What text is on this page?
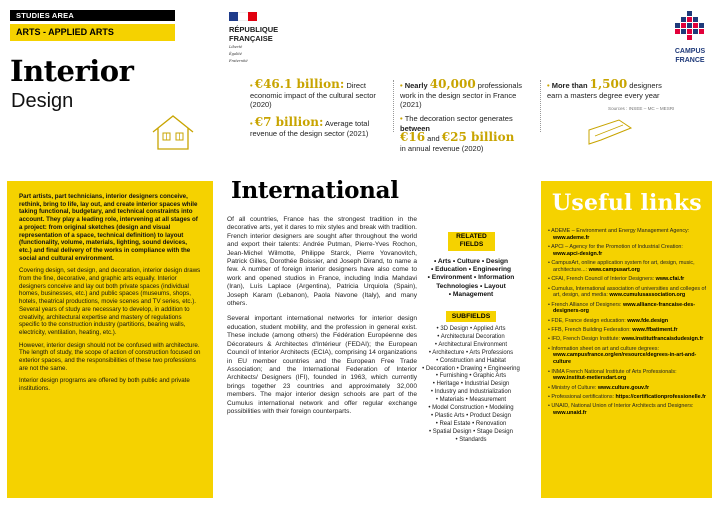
STUDIES AREA
ARTS - APPLIED ARTS
Interior
Design
RÉPUBLIQUE
FRANÇAISE
Liberté
Égalité
Fraternité
CAMPUS
FRANCE
• €46.1 billion: Direct
economic impact of the cultural sector (2020)
• €7 billion: Average total
revenue of the design sector (2021)
• Nearly 40,000 professionals
work in the design sector in France (2021)
• The decoration sector generates between
€16 and €25 billion
in annual revenue (2020)
• More than 1,500 designers
earn a masters degree every year
Sources : INSEE – MC – MESRI

Part artists, part technicians, interior designers conceive, rethink, bring to life, lay out, and create interior spaces while taking functional, budgetary, and technical constraints into account. They play a leading role, intervening at all stages of a project: from original sketches (design and visual representation of a space, technical definition) to layout (functionality, volume, materials, lighting, sound devices, etc.) and final delivery of the works in compliance with the social and cultural environment.

Covering design, set design, and decoration, interior design draws from the fine, decorative, and graphic arts equally. Interior designers conceive and lay out both private spaces (individual homes, businesses, etc.) and public spaces (museums, shops, hotels, theatrical productions, movie scenes and TV series, etc.). Several years of study are necessary to develop, in addition to creativity, architectural expertise and mastery of regulations specific to the construction industry (partitions, bearing walls, electricity, ventilation, heating, etc.).

However, interior design should not be confused with architecture. The length of study, the scope of action of construction focused on exterior spaces, and the responsibilities of these two professions are not the same.

Interior design programs are offered by both public and private institutions.

International

Of all countries, France has the strongest tradition in the decorative arts, yet it dares to mix styles and break with tradition. French interior designers are sought after throughout the world and export their talents: Andrée Putman, Pierre-Yves Rochon, Jean-Michel Wilmotte, Philippe Starck, Pierre Yovanovitch, Patrick Gilles, Dorothée Boissier, and Joseph Dirand, to name a few. A number of foreign interior designers have also come to work and opened studios in France, including India Mahdavi (Iran), Luís Laplace (Argentina), Patricia Urquiola (Spain), Joseph Karam (Lebanon), Paola Navone (Italy), and many others.

Several important international networks for interior design education, student mobility, and the profession in general exist. These include (among others) the Fédération Européenne des Décorateurs & Architectes d'Intérieur (FEDAI); the European Council of Interior Architects (ECIA), comprising 14 organizations in EU member countries and the European Free Trade Association; and the International Federation of Interior Architects/ Designers (IFI), founded in 1963, which currently brings together 23 countries and approximately 32,000 members. The major interior design schools are part of the Cumulus international network and offer regular exchange possibilities with their foreign counterparts.

RELATED
FIELDS
• Arts • Culture • Design
• Education • Engineering
• Environment • Information
Technologies • Layout
• Management
SUBFIELDS
• 3D Design • Applied Arts
• Architectural Decoration
• Architectural Environment
• Architecture • Arts Professions
• Construction and Habitat
• Decoration • Drawing • Engineering
• Furnishing • Graphic Arts
• Heritage • Industrial Design
• Industry and Industrialization
• Materials • Measurement
• Model Construction • Modeling
• Plastic Arts • Product Design
• Real Estate • Renovation
• Spatial Design • Stage Design
• Standards
Useful links
• ADEME – Environment and Energy Management Agency: www.ademe.fr
• APCI – Agency for the Promotion of Industrial Creation: www.apci-design.fr
• CampusArt, online application system for art, design, music, architecture...: www.campusart.org
• CFAI, French Council of Interior Designers: www.cfai.fr
• Cumulus, International association of universities and colleges of art, design, and media: www.cumulusassociation.org
• French Alliance of Designers: www.alliance-francaise-des-designers-org
• FDE, France design education: www.fde.design
• FFB, French Building Federation: www.ffbatiment.fr
• IFD, French Design Institute: www.institutfrancaisdudesign.fr
• Information sheet on art and culture degrees: www.campusfrance.org/en/resource/degrees-in-art-and-culture
• INMA French National Institute of Arts Professionals: www.institut-metiersdart.org
• Ministry of Culture: www.culture.gouv.fr
• Professional certifications: https://certificationprofessionelle.fr
• UNAID, National Union of Interior Architects and Designers: www.unaid.fr
